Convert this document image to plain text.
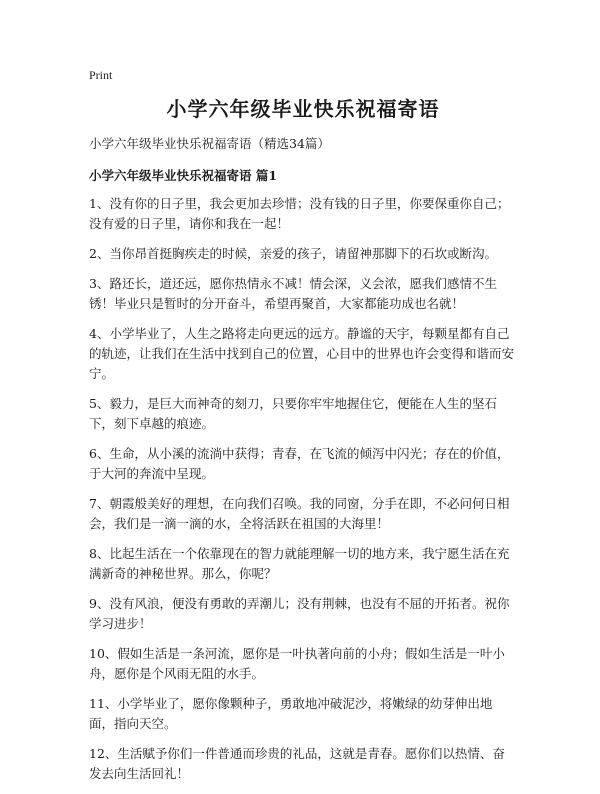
Print
小学六年级毕业快乐祝福寄语

小学六年级毕业快乐祝福寄语（精选34篇）

小学六年级毕业快乐祝福寄语 篇1

1、没有你的日子里，我会更加去珍惜；没有钱的日子里，你要保重你自己；没有爱的日子里，请你和我在一起！

2、当你昂首挺胸疾走的时候，亲爱的孩子，请留神那脚下的石坎或断沟。

3、路还长，道还远，愿你热情永不减！情会深，义会浓，愿我们感情不生锈！毕业只是暂时的分开奋斗，希望再聚首，大家都能功成也名就！

4、小学毕业了，人生之路将走向更远的远方。静谧的天宇，每颗星都有自己的轨迹，让我们在生活中找到自己的位置，心目中的世界也许会变得和谐而安宁。

5、毅力，是巨大而神奇的刻刀，只要你牢牢地握住它，便能在人生的坚石下，刻下卓越的痕迹。

6、生命，从小溪的流淌中获得；青春，在飞流的倾泻中闪光；存在的价值，于大河的奔流中呈现。

7、朝霞般美好的理想，在向我们召唤。我的同窗，分手在即，不必问何日相会，我们是一滴一滴的水，全将活跃在祖国的大海里！

8、比起生活在一个依靠现在的智力就能理解一切的地方来，我宁愿生活在充满新奇的神秘世界。那么，你呢？

9、没有风浪，便没有勇敢的弄潮儿；没有荆棘，也没有不屈的开拓者。祝你学习进步！

10、假如生活是一条河流，愿你是一叶执著向前的小舟；假如生活是一叶小舟，愿你是个风雨无阻的水手。

11、小学毕业了，愿你像颗种子，勇敢地冲破泥沙，将嫩绿的幼芽伸出地面，指向天空。

12、生活赋予你们一件普通而珍贵的礼品，这就是青春。愿你们以热情、奋发去向生活回礼！
